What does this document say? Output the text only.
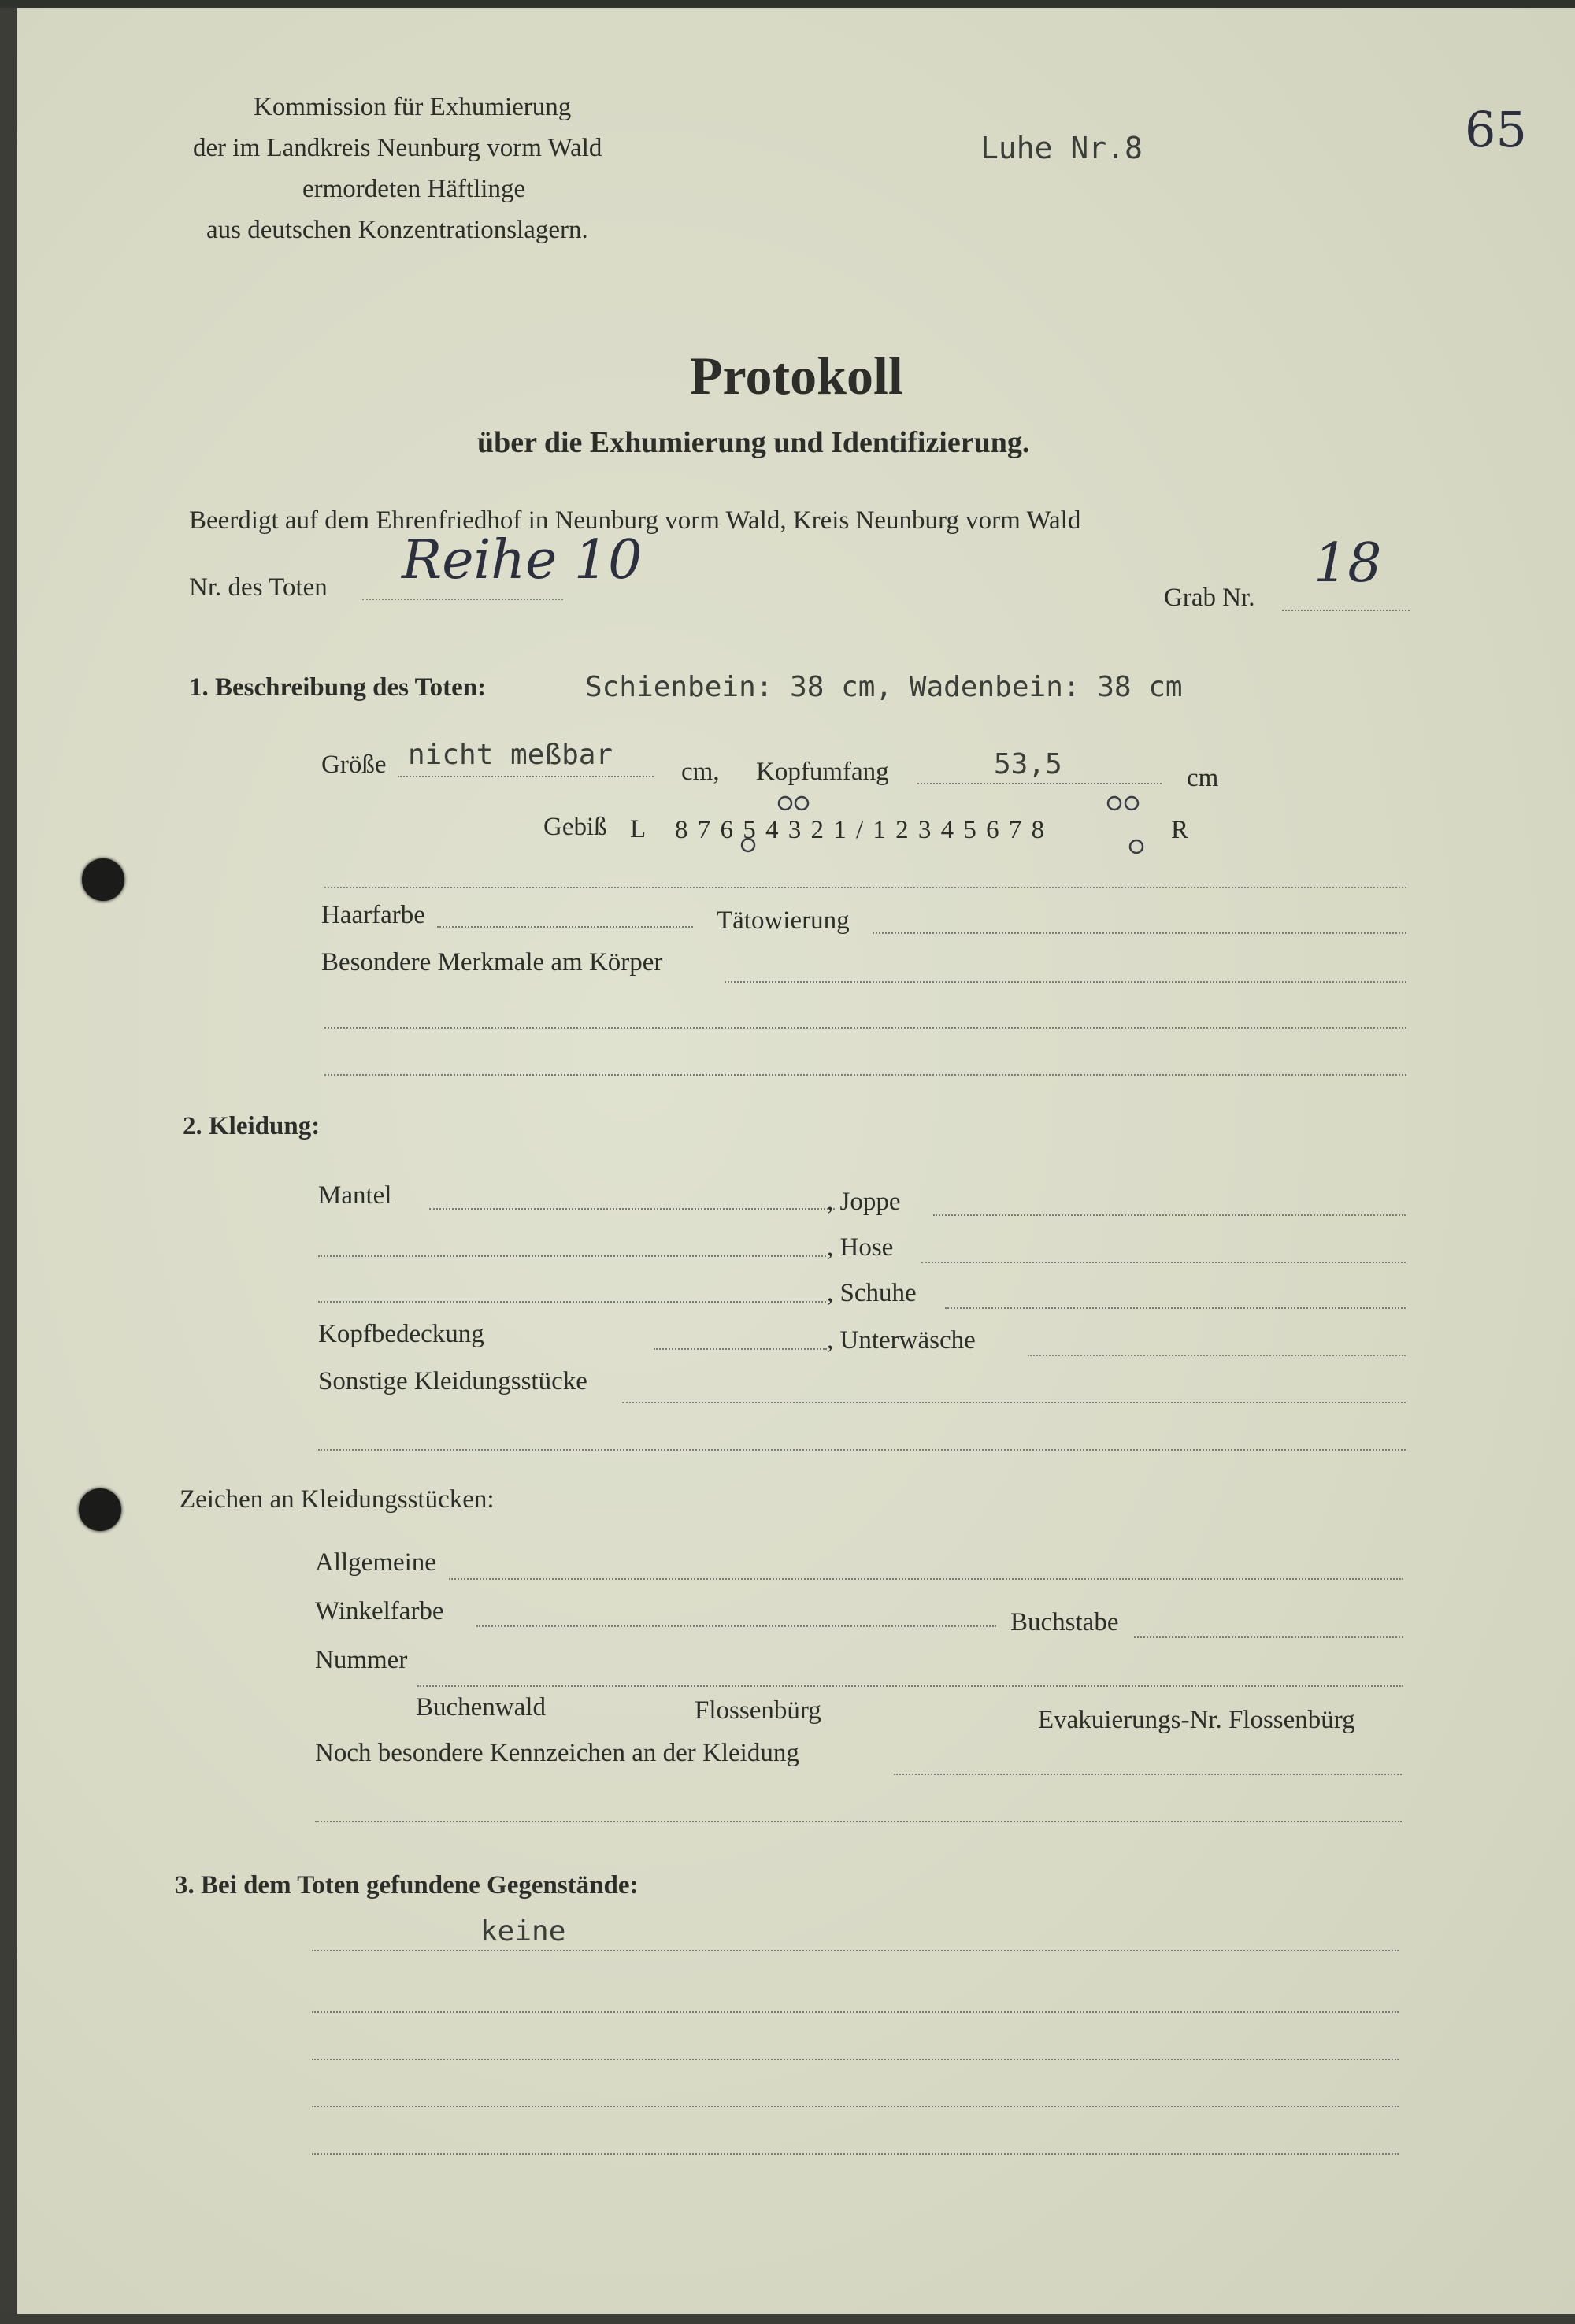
Kommission für Exhumierung
der im Landkreis Neunburg vorm Wald
ermordeten Häftlinge
aus deutschen Konzentrationslagern.
Luhe Nr.8	65
Protokoll
über die Exhumierung und Identifizierung.
Beerdigt auf dem Ehrenfriedhof in Neunburg vorm Wald, Kreis Neunburg vorm Wald
Nr. des Toten Reihe 10
Grab Nr.
18
1. Beschreibung des Toten:	Schienbein: 38 cm, Wadenbein: 38 cm
Größe nicht meßbar
cm, Kopfumfang	53,5	cm
Gebiß L 8 7 6 5 4 3 2 1 / 1 2 3 4 5 6 7 8	R
Haarfarbe	Tätowierung
Besondere Merkmale am Körper
2. Kleidung:
Mantel	, Joppe
, Hose
, Schuhe
Kopfbedeckung	, Unterwäsche
Sonstige Kleidungsstücke
Zeichen an Kleidungsstücken:
Allgemeine
Winkelfarbe	Buchstabe
Nummer
Buchenwald	Flossenbürg	Evakuierungs-Nr. Flossenbürg
Noch besondere Kennzeichen an der Kleidung
3. Bei dem Toten gefundene Gegenstände:
keine
